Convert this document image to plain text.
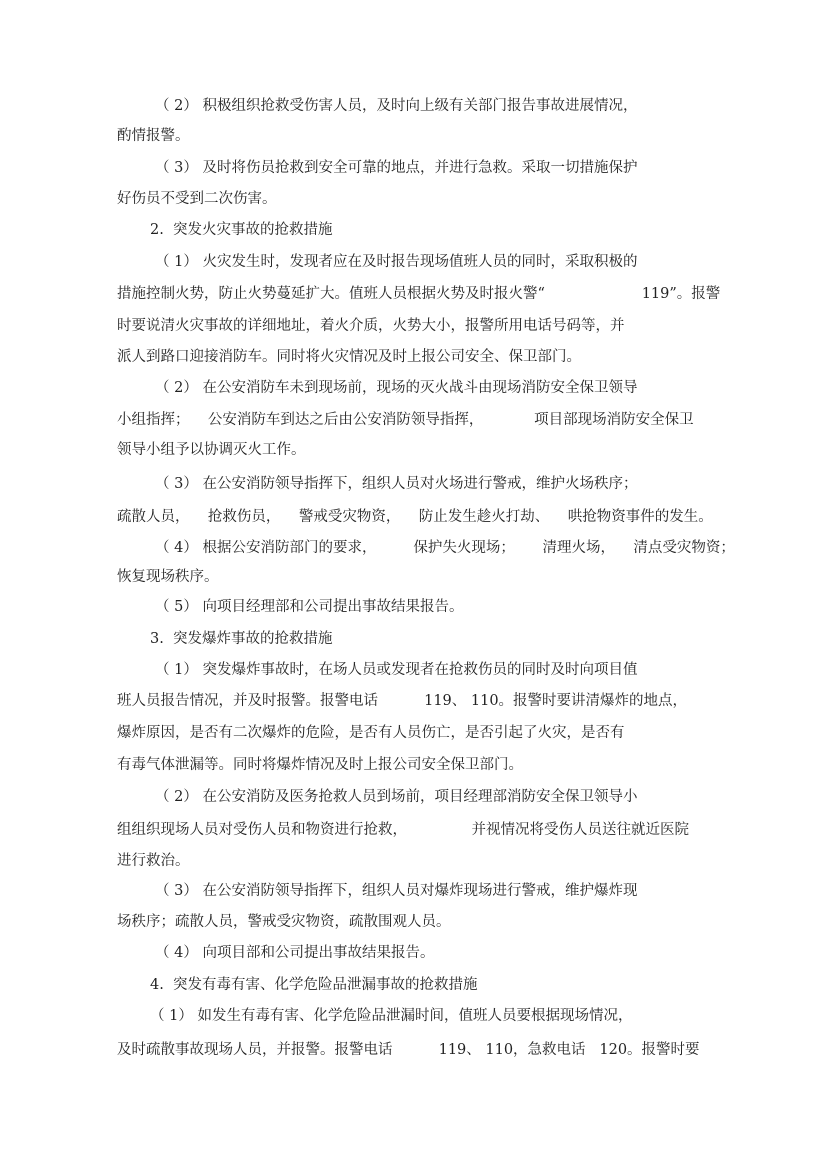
（ 2） 积极组织抢救受伤害人员，及时向上级有关部门报告事故进展情况，
酌情报警。
（ 3） 及时将伤员抢救到安全可靠的地点，并进行急救。采取一切措施保护
好伤员不受到二次伤害。
2.  突发火灾事故的抢救措施
（ 1） 火灾发生时，发现者应在及时报告现场值班人员的同时，采取积极的
措施控制火势，防止火势蔓延扩大。值班人员根据火势及时报火警“                     119”。报警
时要说清火灾事故的详细地址，着火介质，火势大小，报警所用电话号码等，并
派人到路口迎接消防车。同时将火灾情况及时上报公司安全、保卫部门。
（ 2） 在公安消防车未到现场前，现场的灭火战斗由现场消防安全保卫领导
小组指挥；    公安消防车到达之后由公安消防领导指挥，           项目部现场消防安全保卫
领导小组予以协调灭火工作。
（ 3） 在公安消防领导指挥下，组织人员对火场进行警戒，维护火场秩序；
疏散人员，    抢救伤员，    警戒受灾物资，    防止发生趁火打劫、    哄抢物资事件的发生。
（ 4） 根据公安消防部门的要求，        保护失火现场；      清理火场，    清点受灾物资；
恢复现场秩序。
（ 5） 向项目经理部和公司提出事故结果报告。
3.  突发爆炸事故的抢救措施
（ 1） 突发爆炸事故时，在场人员或发现者在抢救伤员的同时及时向项目值
班人员报告情况，并及时报警。报警电话          119、 110。报警时要讲清爆炸的地点，
爆炸原因，是否有二次爆炸的危险，是否有人员伤亡，是否引起了火灾，是否有
有毒气体泄漏等。同时将爆炸情况及时上报公司安全保卫部门。
（ 2） 在公安消防及医务抢救人员到场前，项目经理部消防安全保卫领导小
组组织现场人员对受伤人员和物资进行抢救，              并视情况将受伤人员送往就近医院
进行救治。
（ 3） 在公安消防领导指挥下，组织人员对爆炸现场进行警戒，维护爆炸现
场秩序；疏散人员，警戒受灾物资，疏散围观人员。
（ 4） 向项目部和公司提出事故结果报告。
4.  突发有毒有害、化学危险品泄漏事故的抢救措施
（ 1） 如发生有毒有害、化学危险品泄漏时间，值班人员要根据现场情况，
及时疏散事故现场人员，并报警。报警电话          119、 110，急救电话   120。报警时要
